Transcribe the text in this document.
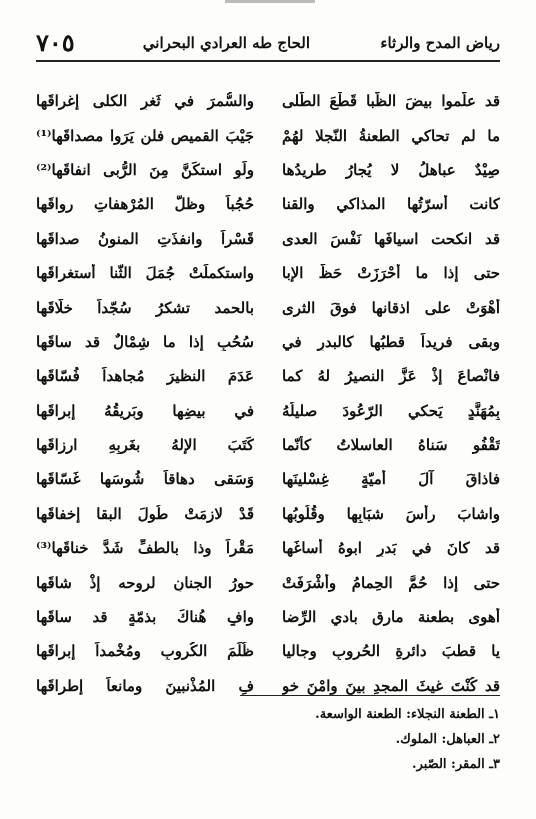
رياض المدح والرثاء
الحاج طه العرادي البحراني
٧٠٥
قد علّموا بيضَ الظُّبا قَطْعَ الطّلى
والسُّمرَ في ثَغرِ الكلى إغراقَها
ما لم تحاكي الطعنةُ النّجلا لهُمْ
جَيْبَ القميصِ فلن يَرَوا مصداقَها⁽¹⁾
صِيْدٌ عباهلُ لا يُجارُ طريدُها
ولَوِ استكَنَّ مِنَ الرُّبى انفاقَها⁽²⁾
كانت أسرّتُها المذاكي والقنا
حُجُباً وظلُّ المُرْهفاتِ رواقَها
قد انكحت اسيافَها نَفْسَ العدى
قَسْراً وانفذَتِ المنونُ صداقَها
حتى إذا ما أحْرَزَتْ حَظَّ الإبا
واستكملَتْ جُمَلَ الثّنا أستغراقَها
أهْوَتْ على اذقانها فوقَ الثرى
بالحمد تشكرُ سُجّداً خلّاقَها
وبقى فريداً قطبُها كالبدرِ في
سُحُبٍ إذا ما شِمْالٌ قد ساقَها
فانْصاعَ إذْ عَزَّ النصيرُ لهُ كما
عَدَمَ النظيرَ مُجاهداً فُسّاقَها
بِمُهَنَّدٍ يَحكي الرّعُودَ صليلُهُ
في بيضِها وبَريقُهُ إبراقَها
تَقْفُو سَناهُ العاسلاتُ كأنّما
كَتَبَ الإلهُ بغَربِهِ ارزاقَها
فاذاقَ آلَ أميّةٍ غِسْلينَها
وَسَقى دهاقاً شُوسَها غَسّاقَها
واشابَ رأسَ شبَابِها وقُلُوبُها
قَدْ لازمَتْ طُولَ البقا إخفاقَها
قد كانَ في بَدرٍ ابوهُ أساغَها
مَقْراً وذا بالطفِّ شَدَّ خناقَها⁽³⁾
حتى إذا حُمَّ الحِمامُ وأشْرَفَتْ
حورُ الجنانِ لروحه إذْ شاقَها
أهوى بطعنة مارق بادي الرِّضا
وافٍ هُناكَ بذمّةٍ قد ساقَها
يا قطبَ دائرةِ الحُروبِ وجاليا
ظُلَمَ الكُروبِ ومُخْمداً إبراقَها
قد كُنْتَ غيثَ المجدِ بينَ وامْنَ خو
فِ المُذْنبينَ ومانعاً إطراقَها
١ـ الطعنة النجلاء: الطعنة الواسعة.
٢ـ العباهل: الملوك.
٣ـ المقر: الصّبر.
